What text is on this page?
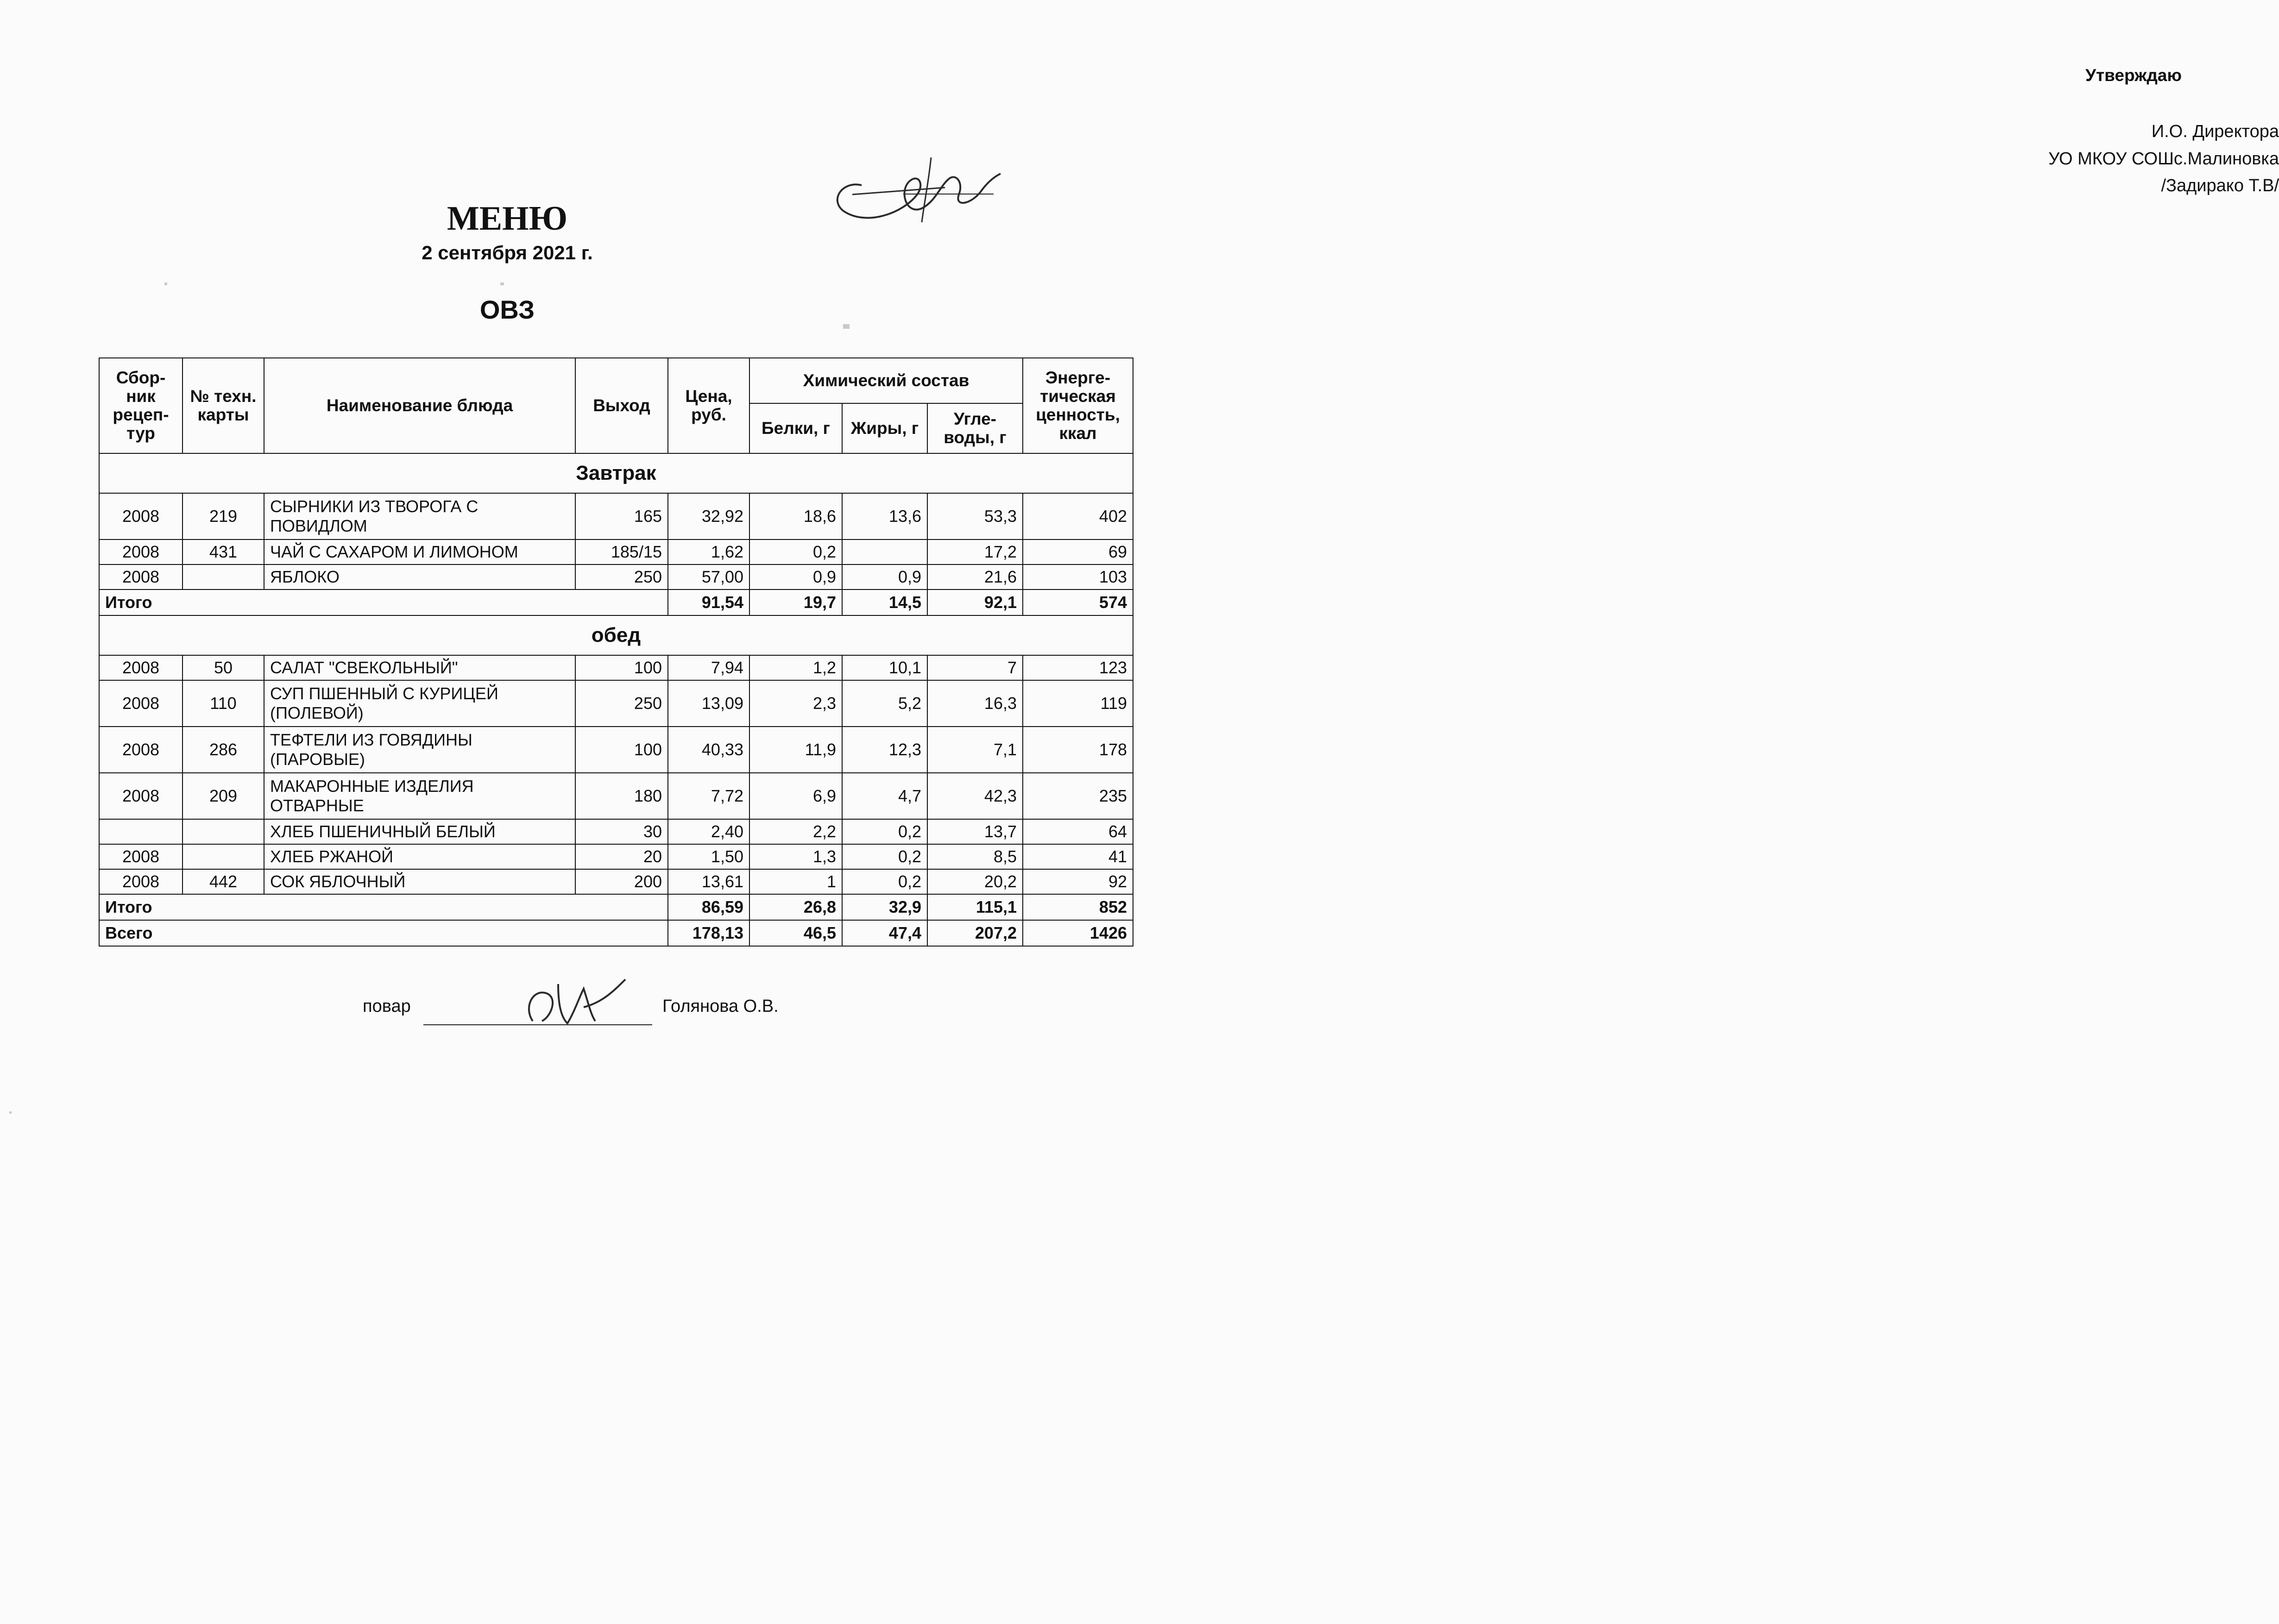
Утверждаю
И.О. Директора
УО МКОУ СОШс.Малиновка
/Задирако Т.В/
МЕНЮ
2 сентября 2021 г.
ОВЗ
Сбор-ник рецеп-тур	№ техн. карты	Наименование блюда	Выход	Цена, руб.	Химический состав			Энерге-тическая ценность, ккал
					Белки, г	Жиры, г	Угле-воды, г	
Завтрак								
2008	219	СЫРНИКИ ИЗ ТВОРОГА С ПОВИДЛОМ	165	32,92	18,6	13,6	53,3	402
2008	431	ЧАЙ С САХАРОМ И ЛИМОНОМ	185/15	1,62	0,2		17,2	69
2008		ЯБЛОКО	250	57,00	0,9	0,9	21,6	103
Итого				91,54	19,7	14,5	92,1	574
обед								
2008	50	САЛАТ "СВЕКОЛЬНЫЙ"	100	7,94	1,2	10,1	7	123
2008	110	СУП ПШЕННЫЙ С КУРИЦЕЙ (ПОЛЕВОЙ)	250	13,09	2,3	5,2	16,3	119
2008	286	ТЕФТЕЛИ ИЗ ГОВЯДИНЫ (ПАРОВЫЕ)	100	40,33	11,9	12,3	7,1	178
2008	209	МАКАРОННЫЕ ИЗДЕЛИЯ ОТВАРНЫЕ	180	7,72	6,9	4,7	42,3	235
		ХЛЕБ ПШЕНИЧНЫЙ БЕЛЫЙ	30	2,40	2,2	0,2	13,7	64
2008		ХЛЕБ РЖАНОЙ	20	1,50	1,3	0,2	8,5	41
2008	442	СОК ЯБЛОЧНЫЙ	200	13,61	1	0,2	20,2	92
Итого				86,59	26,8	32,9	115,1	852
Всего				178,13	46,5	47,4	207,2	1426
повар	Голянова О.В.
